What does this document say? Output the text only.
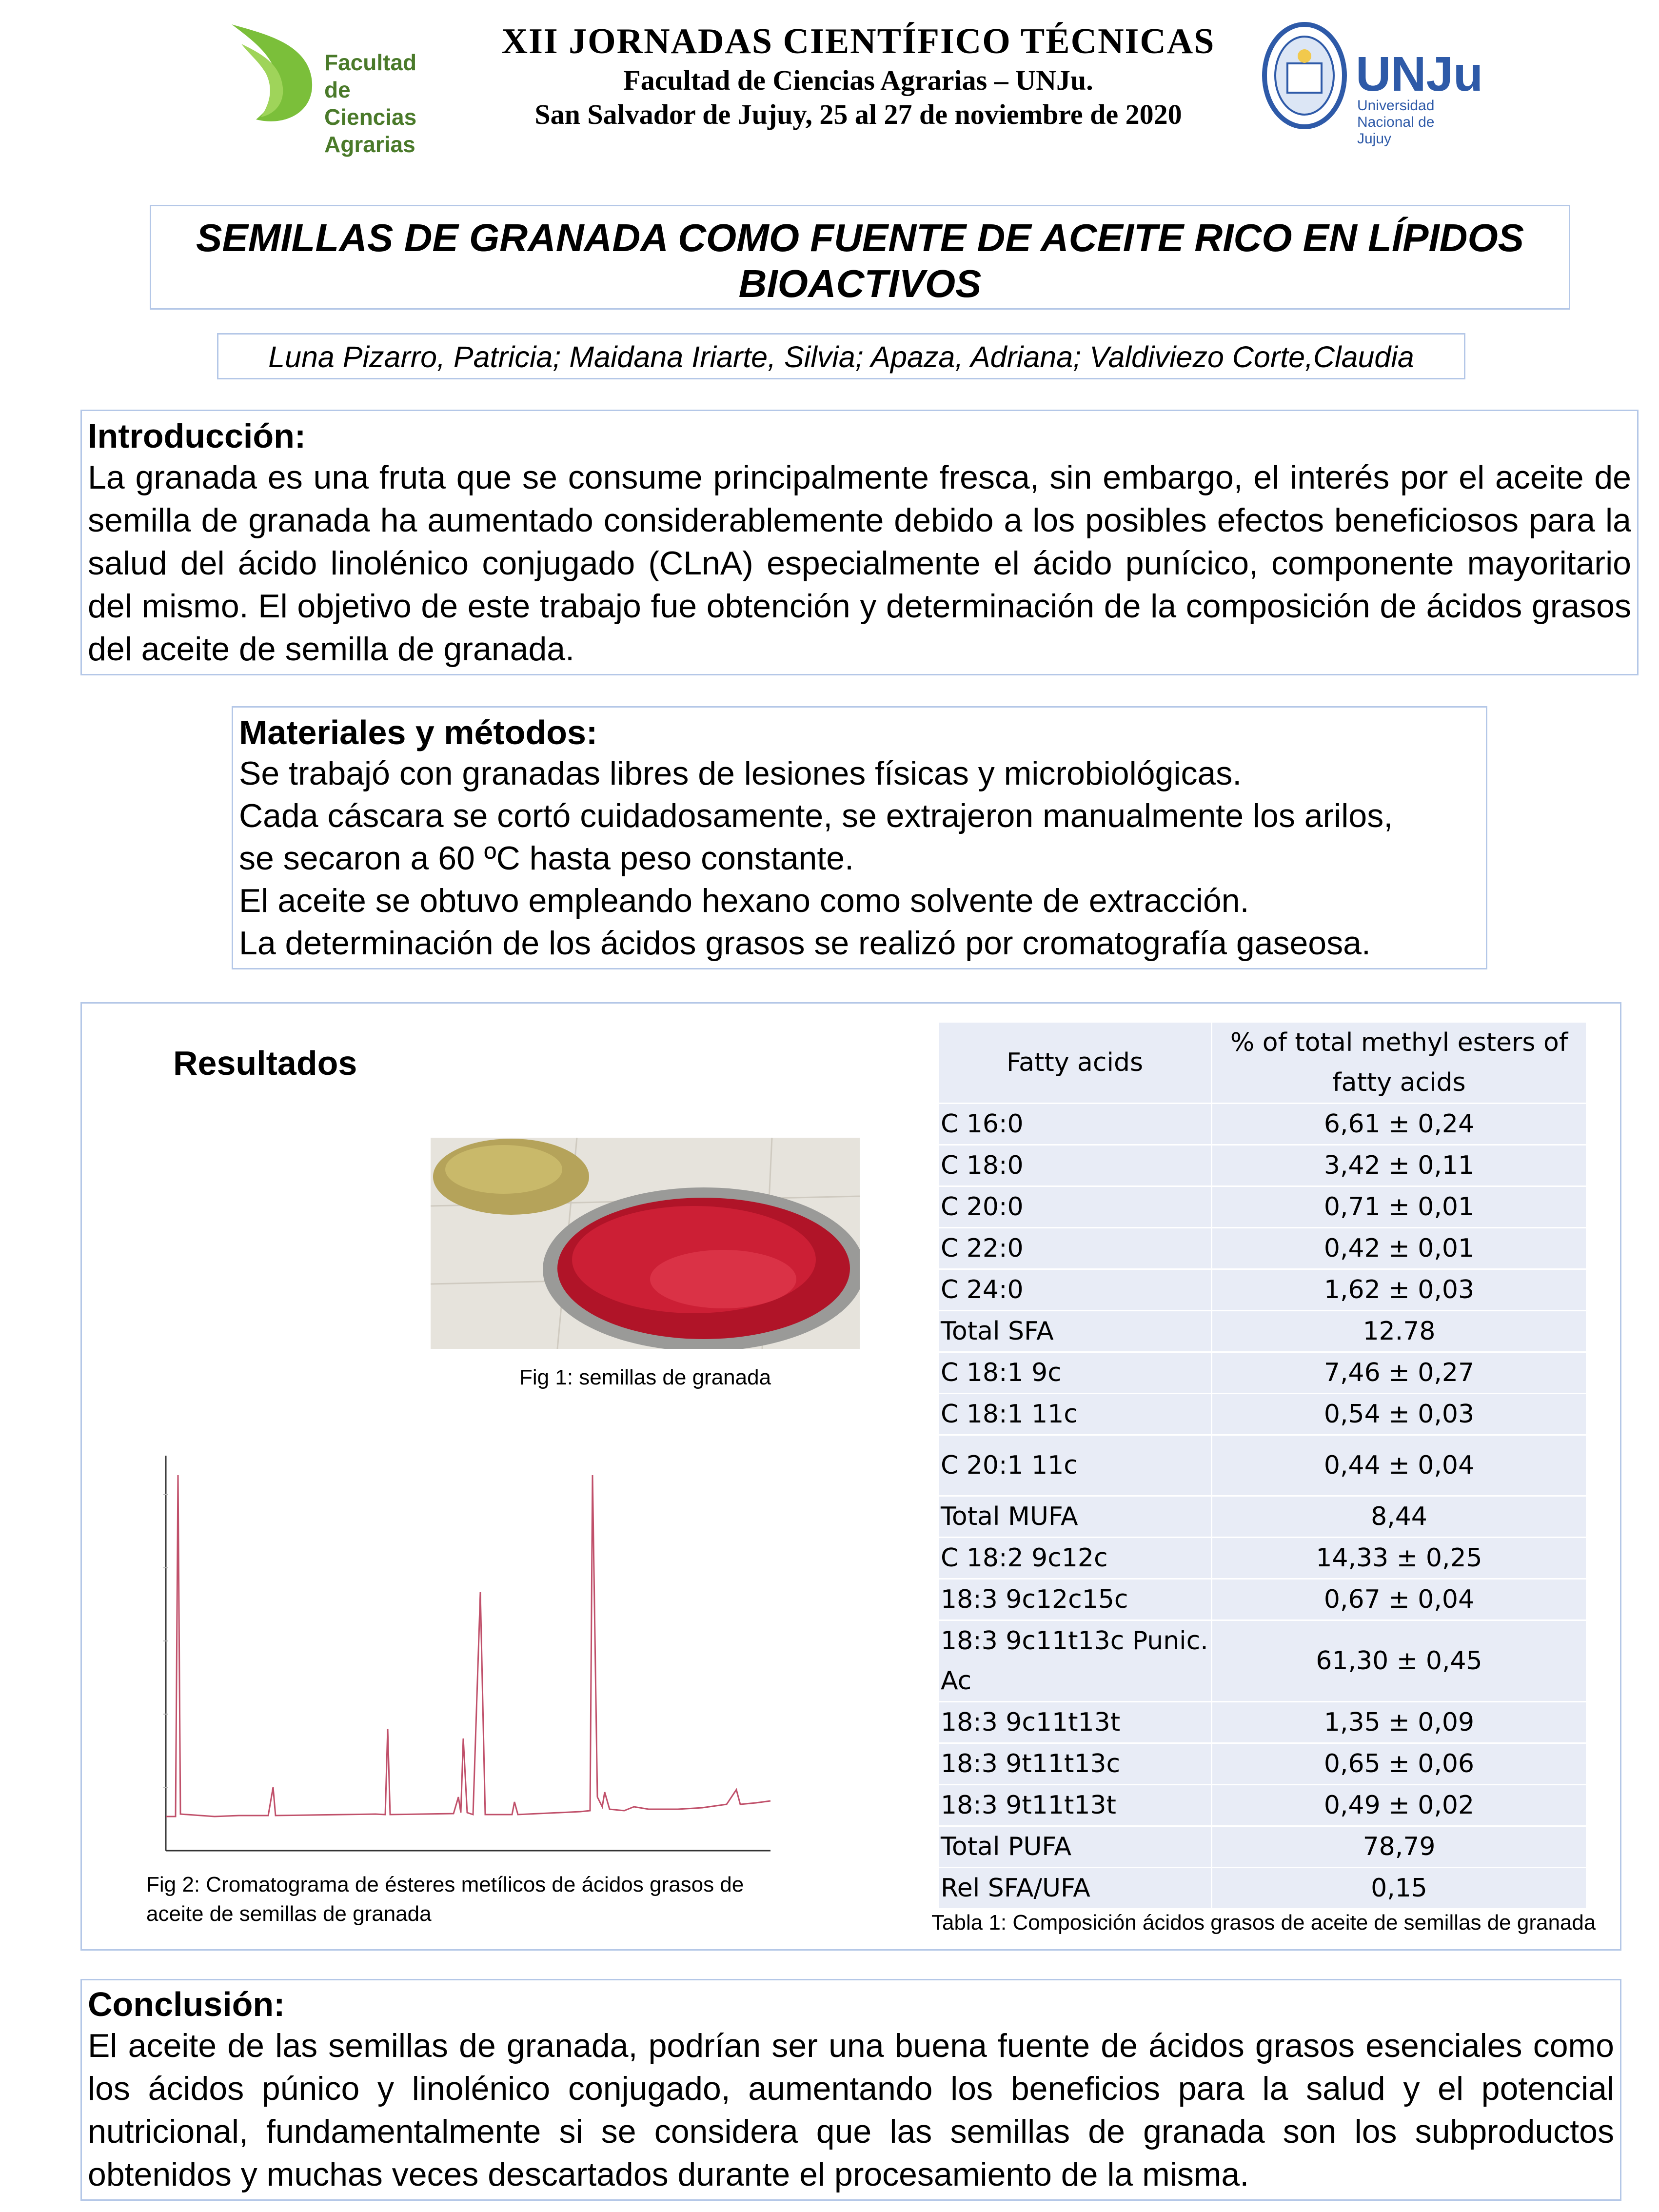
Facultad
de Ciencias
Agrarias
XII JORNADAS CIENTÍFICO TÉCNICAS
Facultad de Ciencias Agrarias – UNJu.
San Salvador de Jujuy, 25 al 27 de noviembre de 2020
UNJu
Universidad
Nacional de Jujuy
SEMILLAS DE GRANADA COMO FUENTE DE ACEITE RICO EN LÍPIDOS BIOACTIVOS
Luna Pizarro, Patricia; Maidana Iriarte, Silvia; Apaza, Adriana; Valdiviezo Corte,Claudia
Introducción:
La granada es una fruta que se consume principalmente fresca, sin embargo, el interés por el aceite de semilla de granada ha aumentado considerablemente debido a los posibles efectos beneficiosos para la salud del ácido linolénico conjugado (CLnA) especialmente el ácido punícico, componente mayoritario del mismo. El objetivo de este trabajo fue obtención y determinación de la composición de ácidos grasos del aceite de semilla de granada.
Materiales y métodos:
Se trabajó con granadas libres de lesiones físicas y microbiológicas.
Cada cáscara se cortó cuidadosamente, se extrajeron manualmente los arilos,
se secaron a 60 ºC hasta peso constante.
El aceite se obtuvo empleando hexano como solvente de extracción.
La determinación de los ácidos grasos se realizó por cromatografía gaseosa.
Resultados
Fig 1: semillas de granada
Fig 2: Cromatograma de ésteres metílicos de ácidos grasos de aceite de semillas de granada
Fatty acids	% of total methyl esters of fatty acids
C 16:0	6,61 ± 0,24
C 18:0	3,42 ± 0,11
C 20:0	0,71 ± 0,01
C 22:0	0,42 ± 0,01
C 24:0	1,62 ± 0,03
Total SFA	12.78
C 18:1 9c	7,46 ± 0,27
C 18:1 11c	0,54 ± 0,03
C 20:1 11c	0,44 ± 0,04
Total MUFA	8,44
C 18:2 9c12c	14,33 ± 0,25
18:3 9c12c15c	0,67 ± 0,04
18:3 9c11t13c Punic. Ac	61,30 ± 0,45
18:3 9c11t13t	1,35 ± 0,09
18:3 9t11t13c	0,65 ± 0,06
18:3 9t11t13t	0,49 ± 0,02
Total PUFA	78,79
Rel SFA/UFA	0,15
Tabla 1: Composición ácidos grasos de aceite de semillas de granada
Conclusión:
El aceite de las semillas de granada, podrían ser una buena fuente de ácidos grasos esenciales como los ácidos púnico y linolénico conjugado, aumentando los beneficios para la salud y el potencial nutricional, fundamentalmente si se considera que las semillas de granada son los subproductos obtenidos y muchas veces descartados durante el procesamiento de la misma.
